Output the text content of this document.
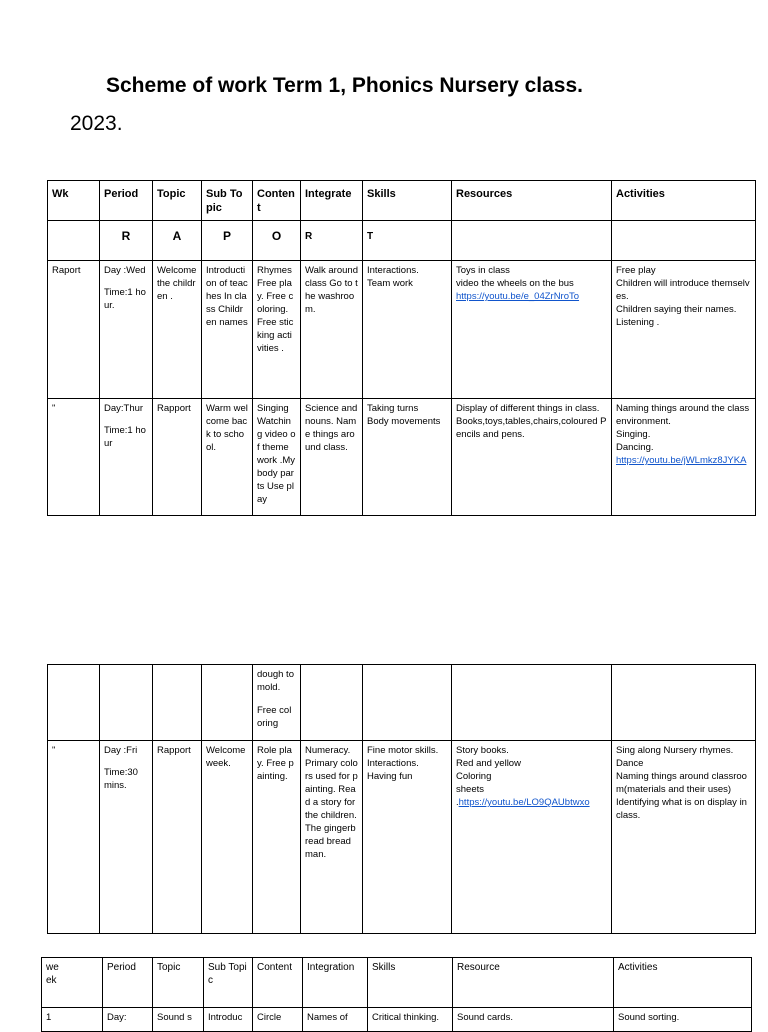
Scheme of work Term 1, Phonics Nursery class.
2023.
Wk	Period	Topic	Sub Topic	Content	Integrate	Skills	Resources	Activities
	R	A	P	O	R	T		
Raport	Day :Wed
Time:1 hour.	Welcome the children .	Introduction of teaches In class Children names	Rhymes Free play. Free coloring. Free sticking activities .	Walk around class Go to the washroom.	Interactions.
Team work	Toys in class
video the wheels on the bus
https://youtu.be/e_04ZrNroTo	Free play
Children will introduce themselves.
Children saying their names.
Listening .

"	Day:Thur
Time:1 hour	Rapport	Warm welcome back to school.	Singing Watching video of theme work .My body parts Use play	Science and nouns. Name things around class.	Taking turns
Body movements	Display of different things in class.
Books,toys,tables,chairs,coloured Pencils and pens.	Naming things around the class environment.
Singing.
Dancing.
https://youtu.be/jWLmkz8JYKA

				dough to mold.
Free coloring				

"	Day :Fri
Time:30 mins.	Rapport	Welcome week.	Role play. Free painting.	Numeracy. Primary colors used for painting. Read a story for the children. The gingerbread breadman.	Fine motor skills.
Interactions.
Having fun	Story books.
Red and yellow
Coloring
sheets
.https://youtu.be/LO9QAUbtwxo	Sing along Nursery rhymes.
Dance
Naming things around classroom(materials and their uses)
Identifying what is on display in class.
week	Period	Topic	Sub Topic	Content	Integration	Skills	Resource	Activities
1	Day:	Sound s	Introduc	Circle	Names of	Critical thinking.	Sound cards.	Sound sorting.
